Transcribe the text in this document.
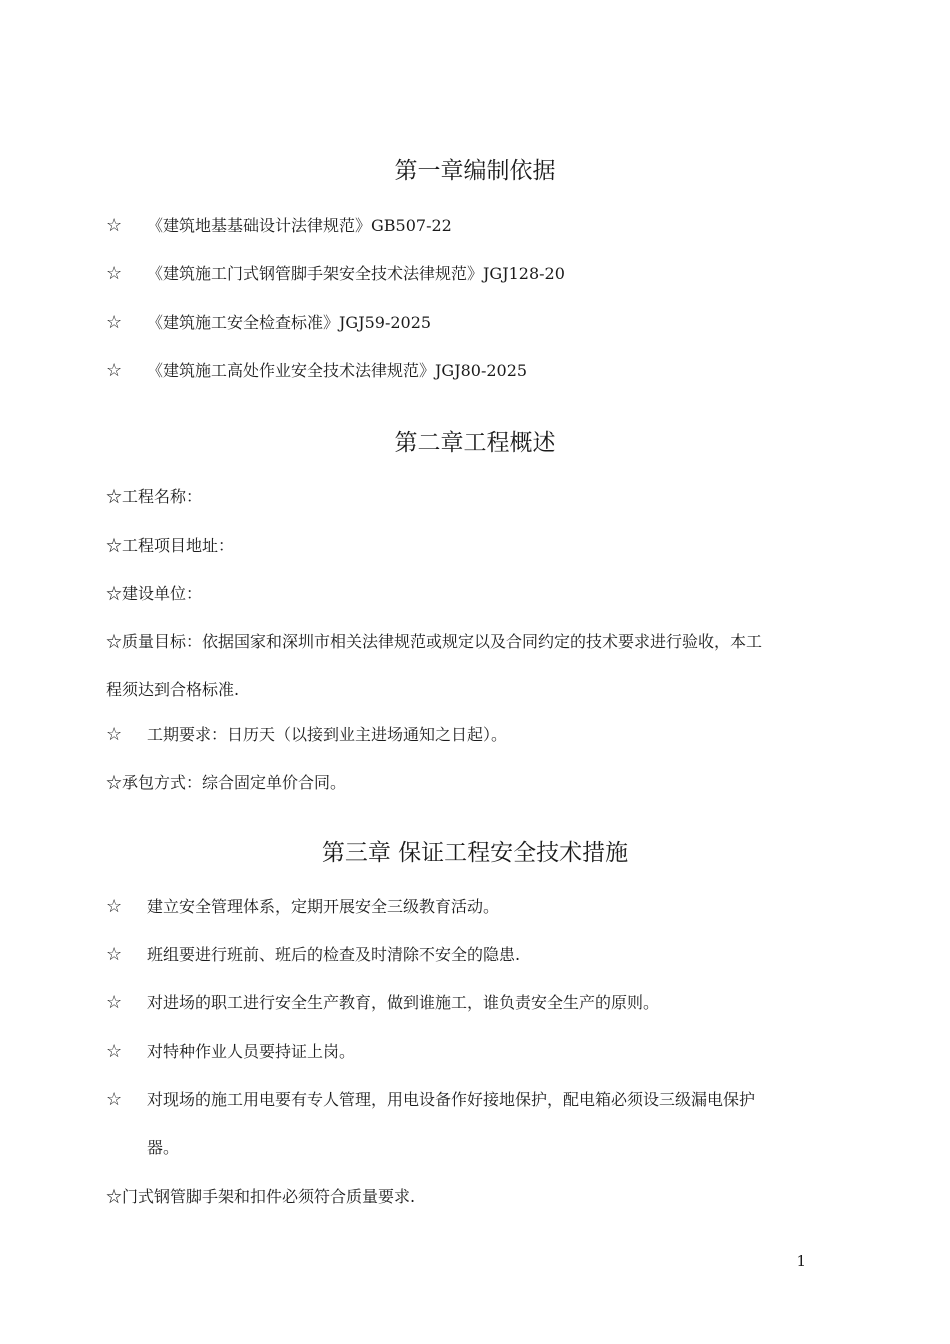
第一章编制依据
☆ 《建筑地基基础设计法律规范》GB507-22
☆ 《建筑施工门式钢管脚手架安全技术法律规范》JGJ128-20
☆ 《建筑施工安全检查标准》JGJ59-2025
☆ 《建筑施工高处作业安全技术法律规范》JGJ80-2025
第二章工程概述
☆工程名称：
☆工程项目地址：
☆建设单位：
☆质量目标：依据国家和深圳市相关法律规范或规定以及合同约定的技术要求进行验收，本工
程须达到合格标准.
☆ 工期要求：日历天（以接到业主进场通知之日起）。
☆承包方式：综合固定单价合同。
第三章 保证工程安全技术措施
☆ 建立安全管理体系，定期开展安全三级教育活动。
☆ 班组要进行班前、班后的检查及时清除不安全的隐患.
☆ 对进场的职工进行安全生产教育，做到谁施工，谁负责安全生产的原则。
☆ 对特种作业人员要持证上岗。
☆ 对现场的施工用电要有专人管理，用电设备作好接地保护，配电箱必须设三级漏电保护
器。
☆门式钢管脚手架和扣件必须符合质量要求.
1
